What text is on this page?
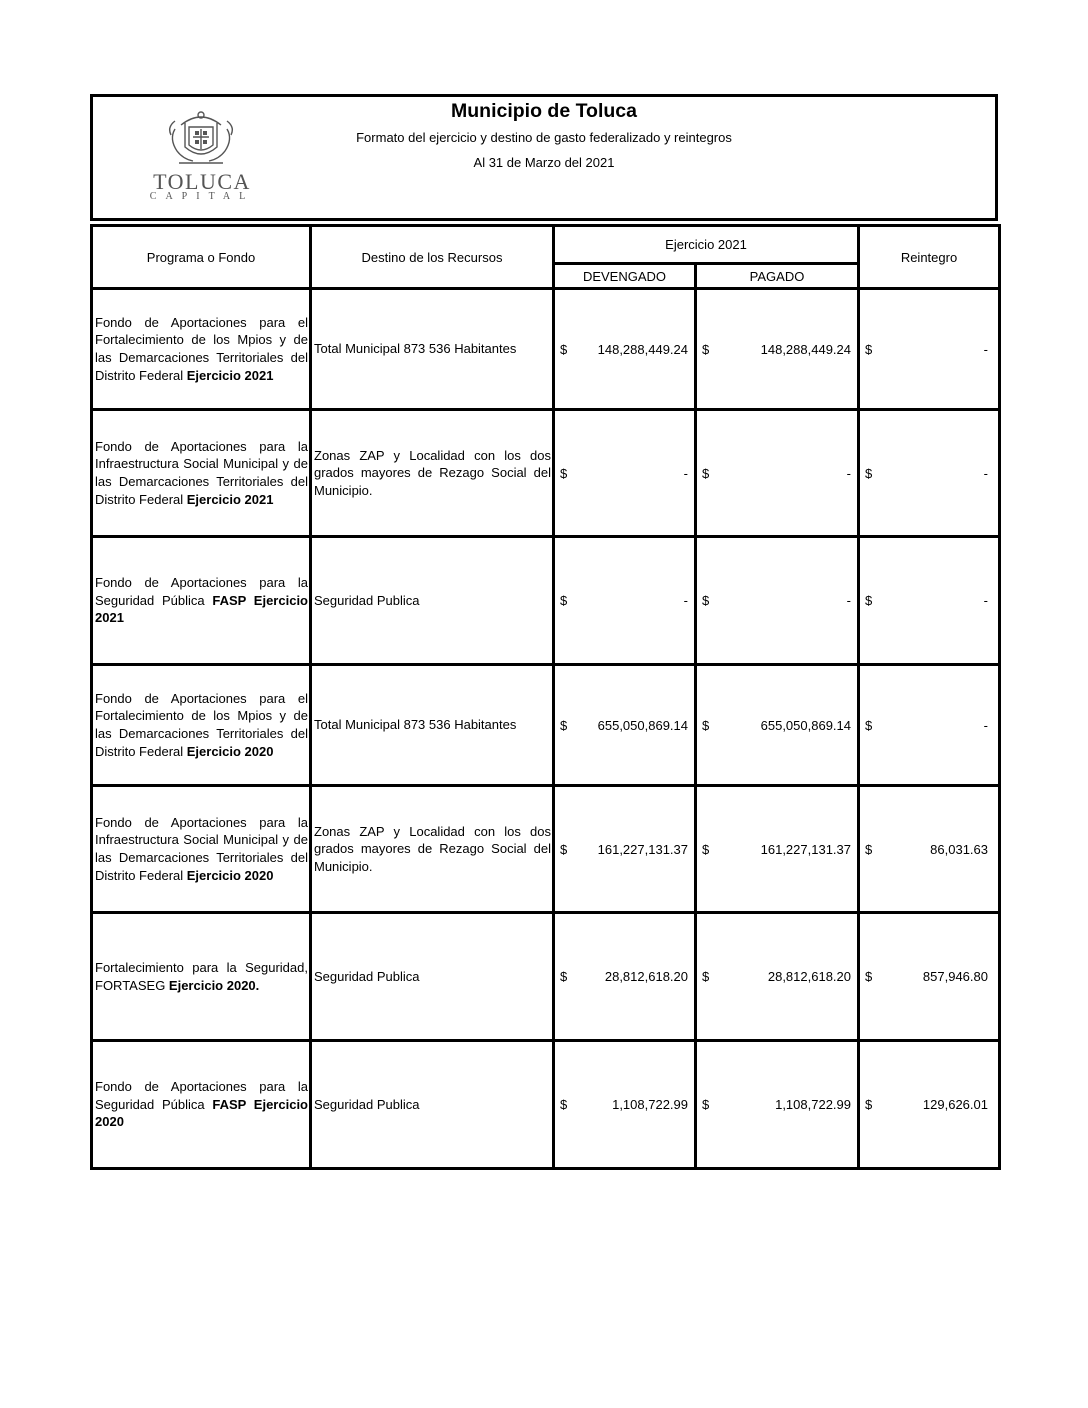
TOLUCA
CAPITAL
Municipio de Toluca
Formato del ejercicio y destino de gasto federalizado y reintegros
Al 31 de Marzo del 2021
Programa o Fondo	Destino de los Recursos	Ejercicio 2021		Reintegro
		DEVENGADO	PAGADO	
Fondo de Aportaciones para el Fortalecimiento de los Mpios y de las Demarcaciones Territoriales del Distrito Federal Ejercicio 2021	Total Municipal 873 536 Habitantes	$ 148,288,449.24	$ 148,288,449.24	$ -

Fondo de Aportaciones para la Infraestructura Social Municipal y de las Demarcaciones Territoriales del Distrito Federal Ejercicio 2021	Zonas ZAP y Localidad con los dos grados mayores de Rezago Social del Municipio.	$ -	$ -	$ -

Fondo de Aportaciones para la Seguridad Pública FASP Ejercicio 2021	Seguridad Publica	$ -	$ -	$ -

Fondo de Aportaciones para el Fortalecimiento de los Mpios y de las Demarcaciones Territoriales del Distrito Federal Ejercicio 2020	Total Municipal 873 536 Habitantes	$ 655,050,869.14	$ 655,050,869.14	$ -

Fondo de Aportaciones para la Infraestructura Social Municipal y de las Demarcaciones Territoriales del Distrito Federal Ejercicio 2020	Zonas ZAP y Localidad con los dos grados mayores de Rezago Social del Municipio.	$ 161,227,131.37	$ 161,227,131.37	$ 86,031.63

Fortalecimiento para la Seguridad, FORTASEG Ejercicio 2020.	Seguridad Publica	$ 28,812,618.20	$ 28,812,618.20	$ 857,946.80

Fondo de Aportaciones para la Seguridad Pública FASP Ejercicio 2020	Seguridad Publica	$ 1,108,722.99	$ 1,108,722.99	$ 129,626.01
